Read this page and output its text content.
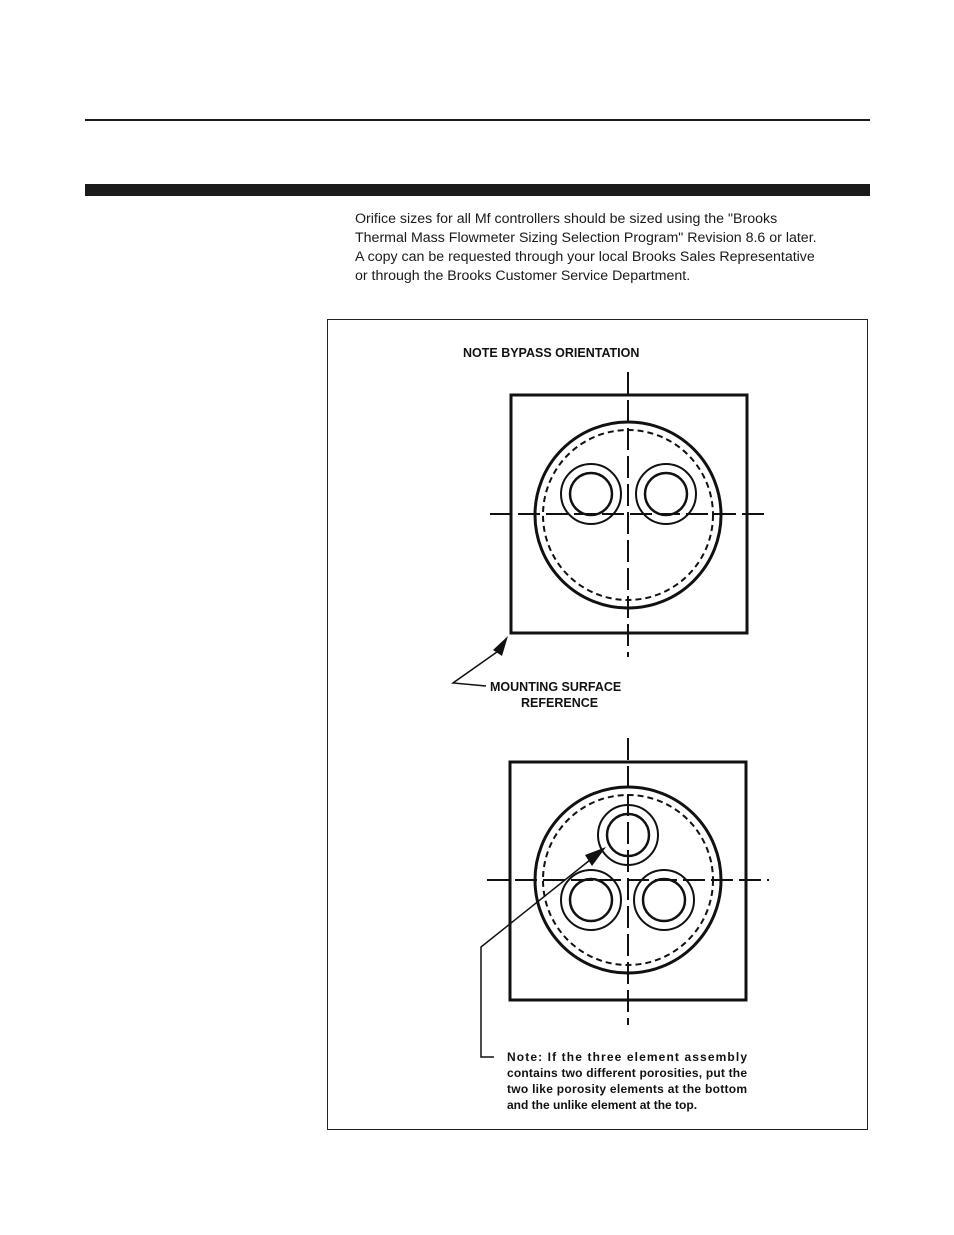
Orifice sizes for all Mf controllers should be sized using the "Brooks
Thermal Mass Flowmeter Sizing Selection Program" Revision 8.6 or later.
A copy can be requested through your local Brooks Sales Representative
or through the Brooks Customer Service Department.

NOTE BYPASS ORIENTATION
MOUNTING SURFACE
REFERENCE
Note: If the three element assembly
contains two different porosities, put the
two like porosity elements at the bottom
and the unlike element at the top.
